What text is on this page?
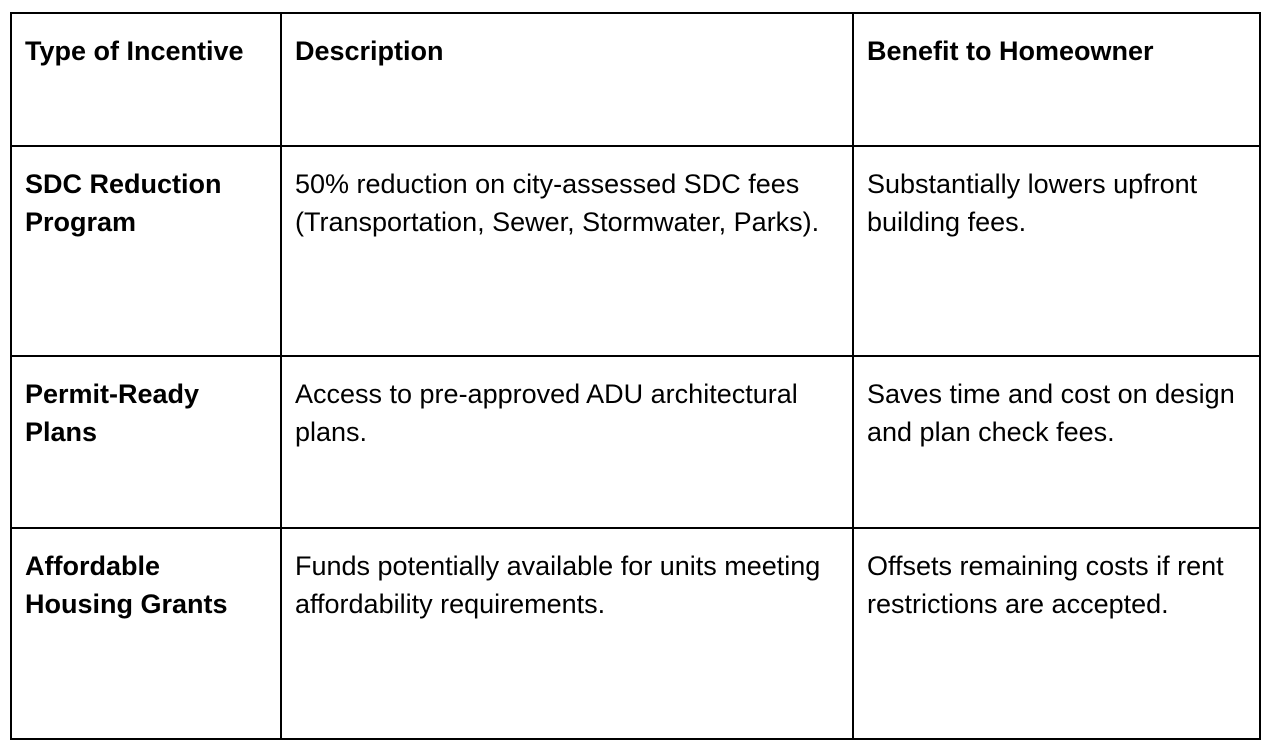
Type of Incentive	Description	Benefit to Homeowner
SDC Reduction Program	50% reduction on city-assessed SDC fees (Transportation, Sewer, Stormwater, Parks).	Substantially lowers upfront building fees.
Permit-Ready Plans	Access to pre-approved ADU architectural plans.	Saves time and cost on design and plan check fees.
Affordable Housing Grants	Funds potentially available for units meeting affordability requirements.	Offsets remaining costs if rent restrictions are accepted.
